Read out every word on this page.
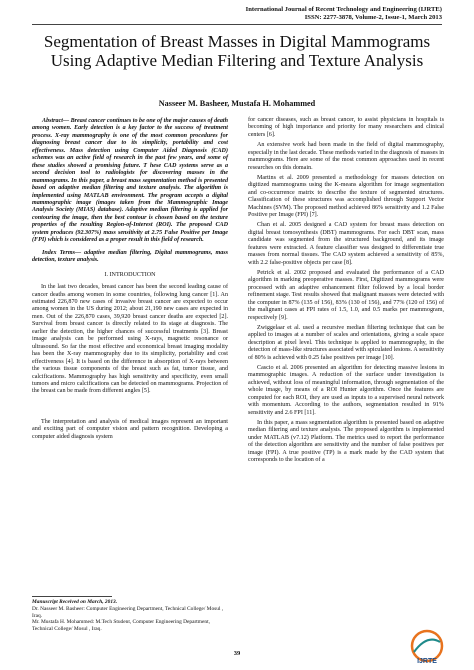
International Journal of Recent Technology and Engineering (IJRTE)
ISSN: 2277-3878, Volume-2, Issue-1, March 2013
Segmentation of Breast Masses in Digital Mammograms Using Adaptive Median Filtering and Texture Analysis
Nasseer M. Basheer, Mustafa H. Mohammed

Abstract— Breast cancer continues to be one of the major causes of death among women. Early detection is a key factor to the success of treatment process. X-ray mammography is one of the most common procedures for diagnosing breast cancer due to its simplicity, portability and cost effectiveness. Mass detection using Computer Aided Diagnosis (CAD) schemes was an active field of research in the past few years, and some of these studies showed a promising future. T hese CAD systems serve as a second decision tool to radiologists for discovering masses in the mammograms. In this paper, a breast mass segmentation method is presented based on adaptive median filtering and texture analysis. The algorithm is implemented using MATLAB environment. The program accepts a digital mammographic image (images taken from the Mammographic Image Analysis Society (MIAS) database). Adaptive median filtering is applied for contouring the image, then the best contour is chosen based on the texture properties of the resulting Region-of-Interest (ROI). The proposed CAD system produces (92.307%) mass sensitivity at 2.75 False Positive per Image (FPI) which is considered as a proper result in this field of research.

Index Terms— adaptive median filtering, Digital mammograms, mass detection, texture analysis.

I. INTRODUCTION

In the last two decades, breast cancer has been the second leading cause of cancer deaths among women in some countries, following lung cancer [1]. An estimated 226,870 new cases of invasive breast cancer are expected to occur among women in the US during 2012; about 21,190 new cases are expected in men. Out of the 226,870 cases, 39,920 breast cancer deaths are expected [2]. Survival from breast cancer is directly related to its stage at diagnosis. The earlier the detection, the higher chances of successful treatments [3]. Breast image analysis can be performed using X-rays, magnetic resonance or ultrasound. So far the most effective and economical breast imaging modality has been the X-ray mammography due to its simplicity, portability and cost effectiveness [4]. It is based on the difference in absorption of X-rays between the various tissue components of the breast such as fat, tumor tissue, and calcifications. Mammography has high sensitivity and specificity, even small tumors and micro calcifications can be detected on mammograms. Projection of the breast can be made from different angles [5].

The interpretation and analysis of medical images represent an important and exciting part of computer vision and pattern recognition. Developing a computer aided diagnosis system

Manuscript Received on March, 2013.
Dr. Nasseer M. Basheer: Computer Engineering Department, Technical College/ Mosul , Iraq.
Mr. Mustafa H. Mohammed: M.Tech Student, Computer Engineering Department, Technical College/ Mosul , Iraq.

for cancer diseases, such as breast cancer, to assist physicians in hospitals is becoming of high importance and priority for many researchers and clinical centers [6].

An extensive work had been made in the field of digital mammography, especially in the last decade. These methods varied in the diagnosis of masses in mammograms. Here are some of the most common approaches used in recent researches on this domain.

Martins et al. 2009 presented a methodology for masses detection on digitized mammograms using the K-means algorithm for image segmentation and co-occurrence matrix to describe the texture of segmented structures. Classification of these structures was accomplished through Support Vector Machines (SVM). The proposed method achieved 86% sensitivity and 1.2 False Positive per Image (FPI) [7].

Chan et al. 2005 designed a CAD system for breast mass detection on digital breast tomosynthesis (DBT) mammograms. For each DBT scan, mass candidate was segmented from the structured background, and its image features were extracted. A feature classifier was designed to differentiate true masses from normal tissues. The CAD system achieved a sensitivity of 85%, with 2.2 false-positive objects per case [8].

Petrick et al. 2002 proposed and evaluated the performance of a CAD algorithm in marking preoperative masses. First, Digitized mammograms were processed with an adaptive enhancement filter followed by a local border refinement stage. Test results showed that malignant masses were detected with the computer in 87% (135 of 156), 83% (130 of 156), and 77% (120 of 156) of the malignant cases at FPI rates of 1.5, 1.0, and 0.5 marks per mammogram, respectively [9].

Zwiggelaar et al. used a recursive median filtering technique that can be applied to images at a number of scales and orientations, giving a scale space description at pixel level. This technique is applied to mammography, in the detection of mass-like structures associated with spiculated lesions. A sensitivity of 80% is achieved with 0.25 false positives per image [10].

Cascio et al. 2006 presented an algorithm for detecting massive lesions in mammographic images. A reduction of the surface under investigation is achieved, without loss of meaningful information, through segmentation of the whole image, by means of a ROI Hunter algorithm. Once the features are computed for each ROI, they are used as inputs to a supervised neural network with momentum. According to the authors, segmentation resulted in 91% sensitivity and 2.6 FPI [11].

In this paper, a mass segmentation algorithm is presented based on adaptive median filtering and texture analysis. The proposed algorithm is implemented under MATLAB (v7.12) Platform. The metrics used to report the performance of the detection algorithm are sensitivity and the number of false positives per image (FPI). A true positive (TP) is a mark made by the CAD system that corresponds to the location of a

39
IJRTE
